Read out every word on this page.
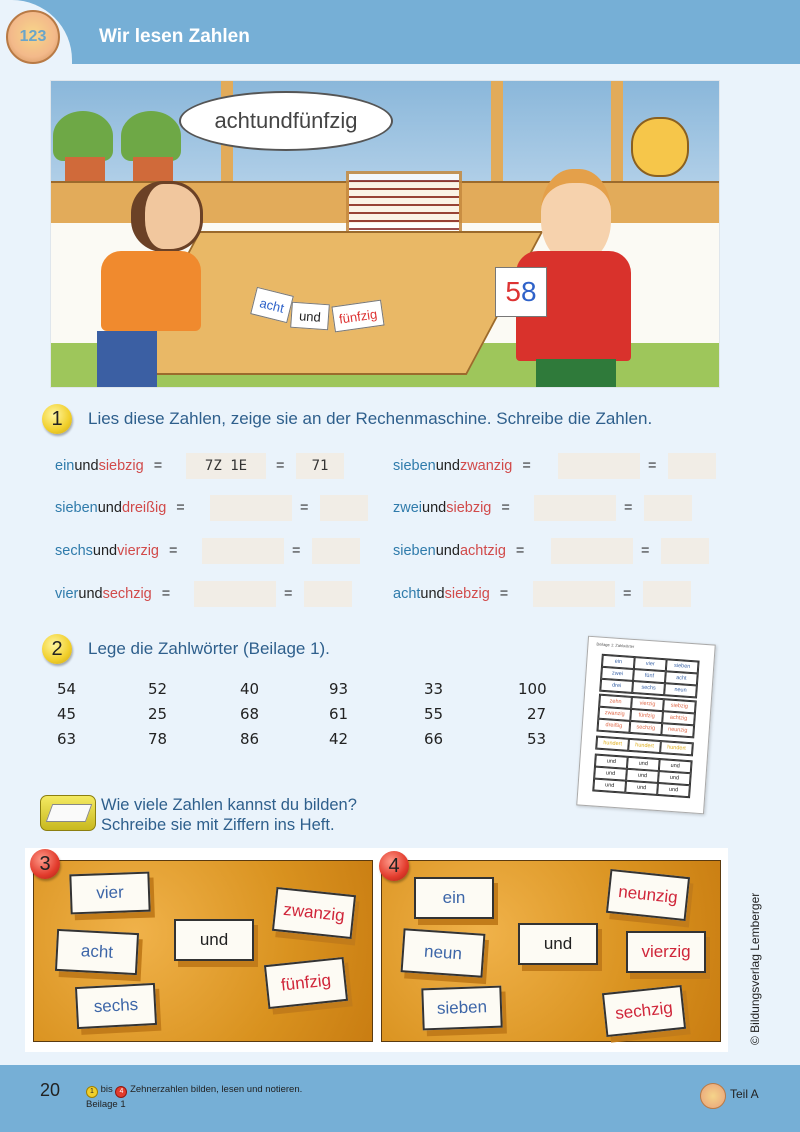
123	Wir lesen Zahlen
achtundfünfzig
acht
und	fünfzig
5 8
1	Lies diese Zahlen, zeige sie an der Rechenmaschine. Schreibe die Zahlen.
ein und siebzig =	7Z 1E	=	71
sieben und dreißig =	=
sechs und vierzig =	=
vier und sechzig =	=
sieben und zwanzig =	=
zwei und siebzig =	=
sieben und achtzig =	=
acht und siebzig =	=
2	Lege die Zahlwörter (Beilage 1).
54	52	40	93	33	100
45	25	68	61	55	27
63	78	86	42	66	53
Beilage 1: Zahlwörter
ein	vier	sieben
zwei	fünf	acht
drei	sechs	neun
zehn	vierzig	siebzig
zwanzig	fünfzig	achtzig
dreißig	sechzig	neunzig
hundert	hundert	hundert
und	und	und
und	und	und
und	und	und
Wie viele Zahlen kannst du bilden?
Schreibe sie mit Ziffern ins Heft.
vier
acht
sechs
und
zwanzig
fünfzig
3
ein
neun
sieben
und
neunzig
vierzig
sechzig
4
© Bildungsverlag Lemberger
20	1 bis 4 Zehnerzahlen bilden, lesen und notieren.
Beilage 1
Teil A
